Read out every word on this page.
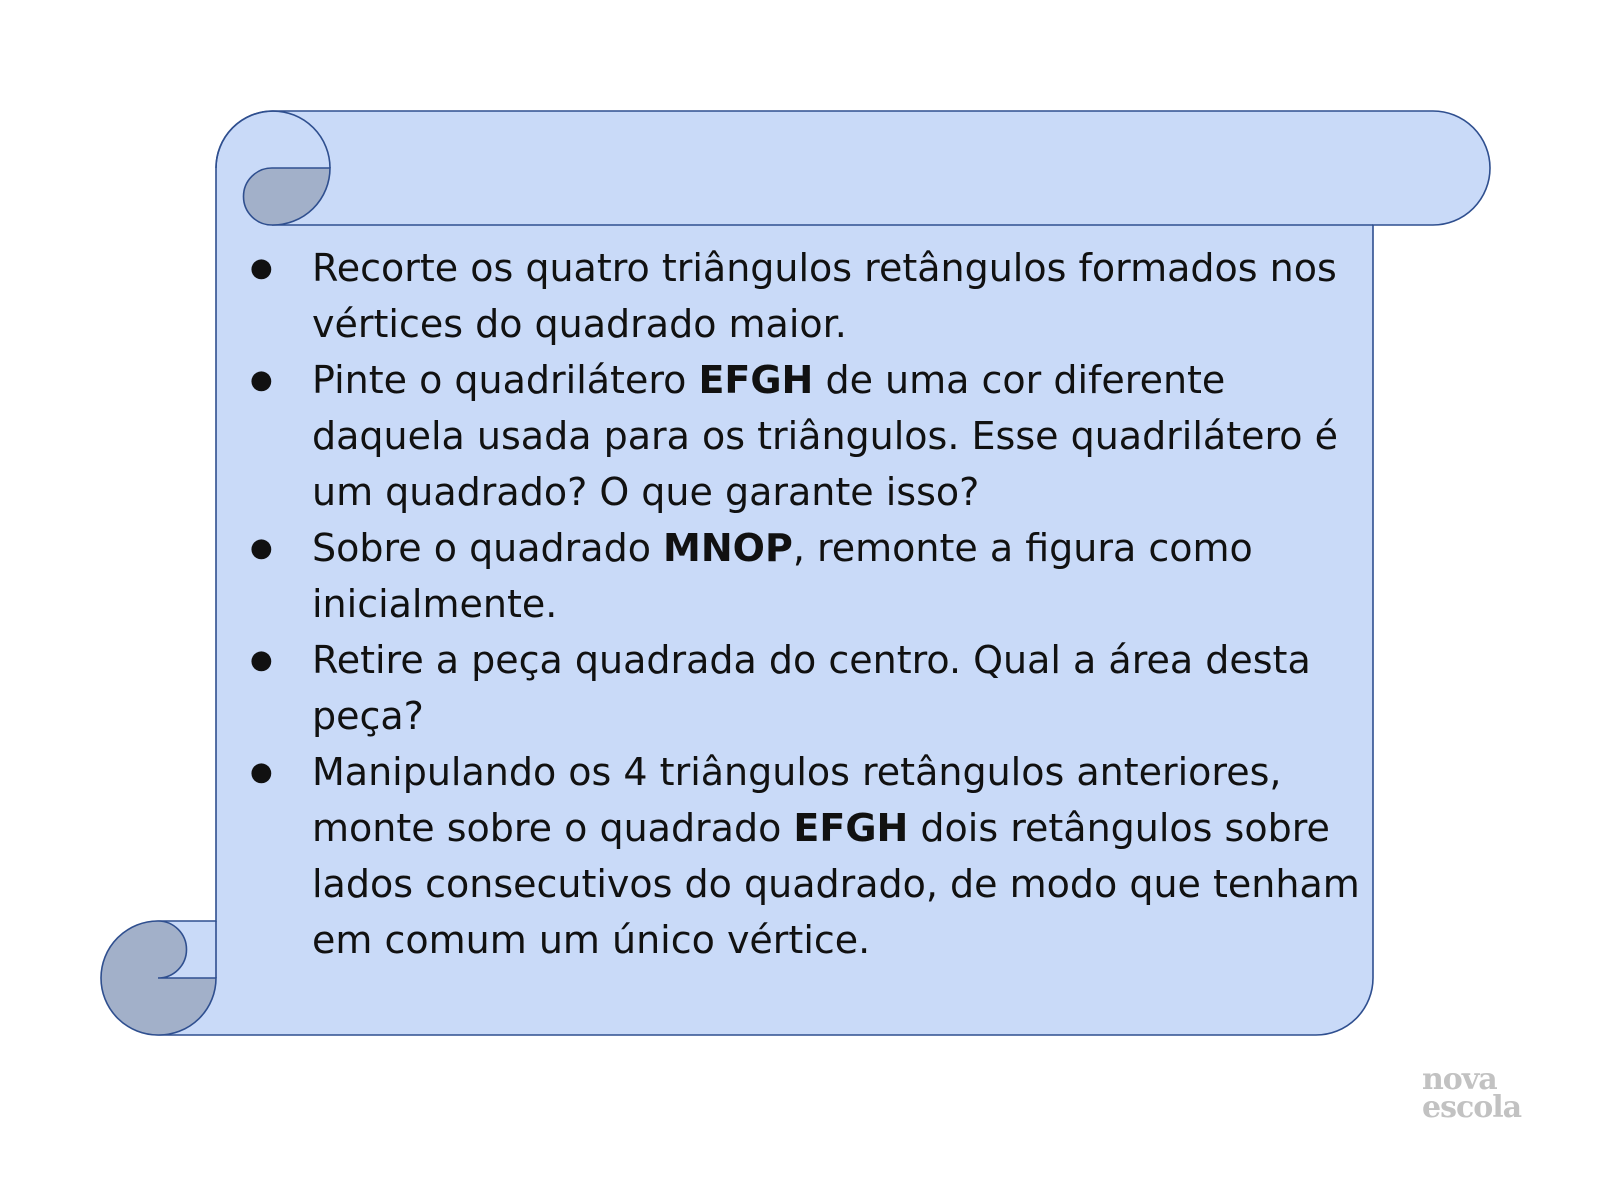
● Recorte os quatro triângulos retângulos formados nos vértices do quadrado maior.
● Pinte o quadrilátero EFGH de uma cor diferente daquela usada para os triângulos. Esse quadrilátero é um quadrado? O que garante isso?
● Sobre o quadrado MNOP, remonte a figura como inicialmente.
● Retire a peça quadrada do centro. Qual a área desta peça?
● Manipulando os 4 triângulos retângulos anteriores, monte sobre o quadrado EFGH dois retângulos sobre lados consecutivos do quadrado, de modo que tenham em comum um único vértice.
nova
escola
